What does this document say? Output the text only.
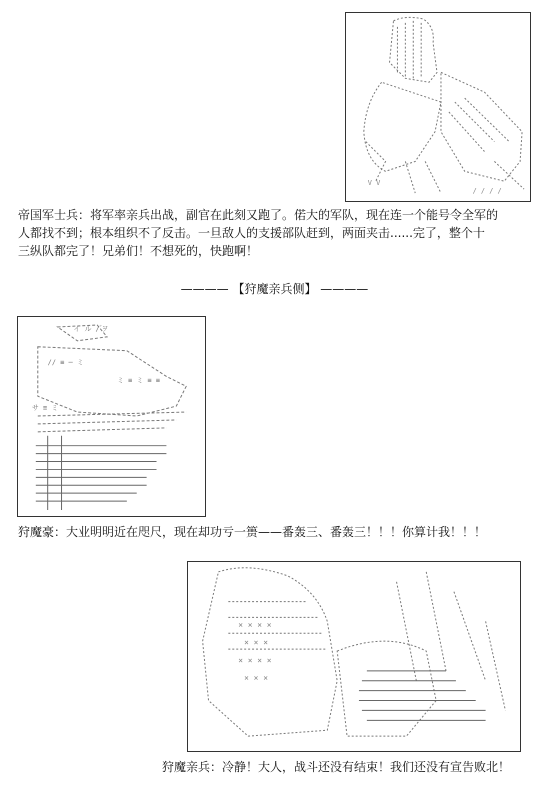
V V
/ / / /
帝国军士兵：将军率亲兵出战，副官在此刻又跑了。偌大的军队，现在连一个能号令全军的
人都找不到；根本组织不了反击。一旦敌人的支援部队赶到，两面夹击......完了，整个十
三纵队都完了！兄弟们！不想死的，快跑啊！
———— 【狩魔亲兵侧】 ————
イ ル / ゙ヲ
// ≡ ─ ミ
ミ ≡ ミ ≡ ≡
サ ≡ ミ
狩魔豪：大业明明近在咫尺，现在却功亏一篑——番轰三、番轰三！！！你算计我！！！
× × × ×
× × ×
× × × ×
× × ×
狩魔亲兵：冷静！大人，战斗还没有结束！我们还没有宣告败北！
